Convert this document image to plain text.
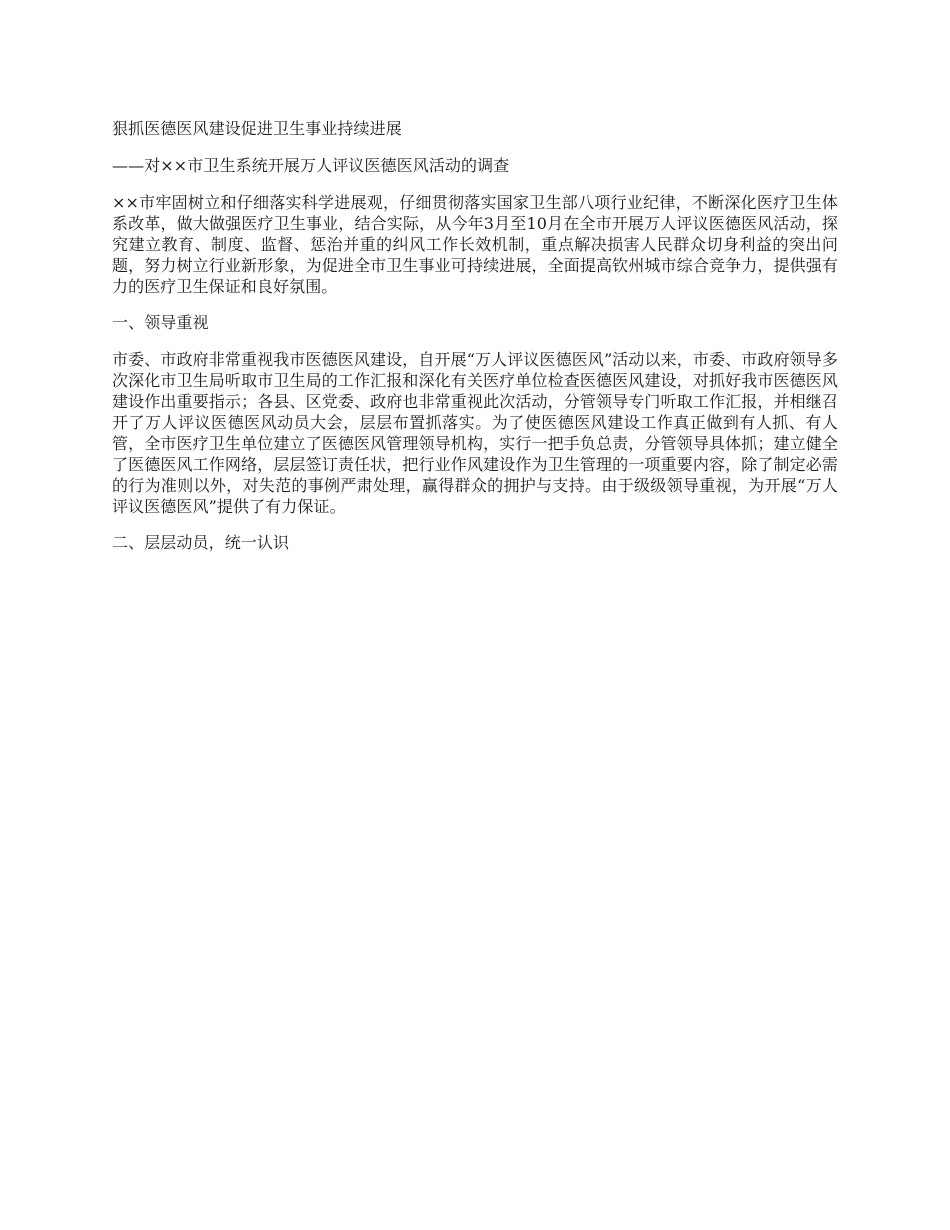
狠抓医德医风建设促进卫生事业持续进展

——对××市卫生系统开展万人评议医德医风活动的调查

××市牢固树立和仔细落实科学进展观，仔细贯彻落实国家卫生部八项行业纪律，不断深化医疗卫生体系改革，做大做强医疗卫生事业，结合实际，从今年3月至10月在全市开展万人评议医德医风活动，探究建立教育、制度、监督、惩治并重的纠风工作长效机制，重点解决损害人民群众切身利益的突出问题，努力树立行业新形象，为促进全市卫生事业可持续进展，全面提高钦州城市综合竞争力，提供强有力的医疗卫生保证和良好氛围。

一、领导重视

市委、市政府非常重视我市医德医风建设，自开展“万人评议医德医风”活动以来，市委、市政府领导多次深化市卫生局听取市卫生局的工作汇报和深化有关医疗单位检查医德医风建设，对抓好我市医德医风建设作出重要指示；各县、区党委、政府也非常重视此次活动，分管领导专门听取工作汇报，并相继召开了万人评议医德医风动员大会，层层布置抓落实。为了使医德医风建设工作真正做到有人抓、有人管，全市医疗卫生单位建立了医德医风管理领导机构，实行一把手负总责，分管领导具体抓；建立健全了医德医风工作网络，层层签订责任状，把行业作风建设作为卫生管理的一项重要内容，除了制定必需的行为准则以外，对失范的事例严肃处理，赢得群众的拥护与支持。由于级级领导重视，为开展“万人评议医德医风”提供了有力保证。

二、层层动员，统一认识
